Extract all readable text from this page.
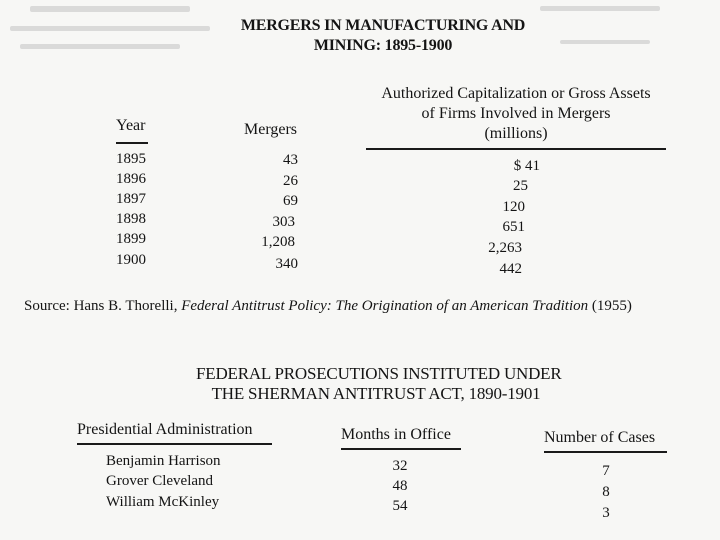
MERGERS IN MANUFACTURING AND
MINING: 1895-1900
Year	Mergers
Authorized Capitalization or Gross Assets
of Firms Involved in Mergers
(millions)
1895	43	$ 41
1896	26	25
1897	69	120
1898	303	651
1899	1,208	2,263
1900	340	442
Source: Hans B. Thorelli, Federal Antitrust Policy: The Origination of an American Tradition (1955)
FEDERAL PROSECUTIONS INSTITUTED UNDER
THE SHERMAN ANTITRUST ACT, 1890-1901
Presidential Administration	Months in Office	Number of Cases
Benjamin Harrison	32	7
Grover Cleveland	48	8
William McKinley	54	3
